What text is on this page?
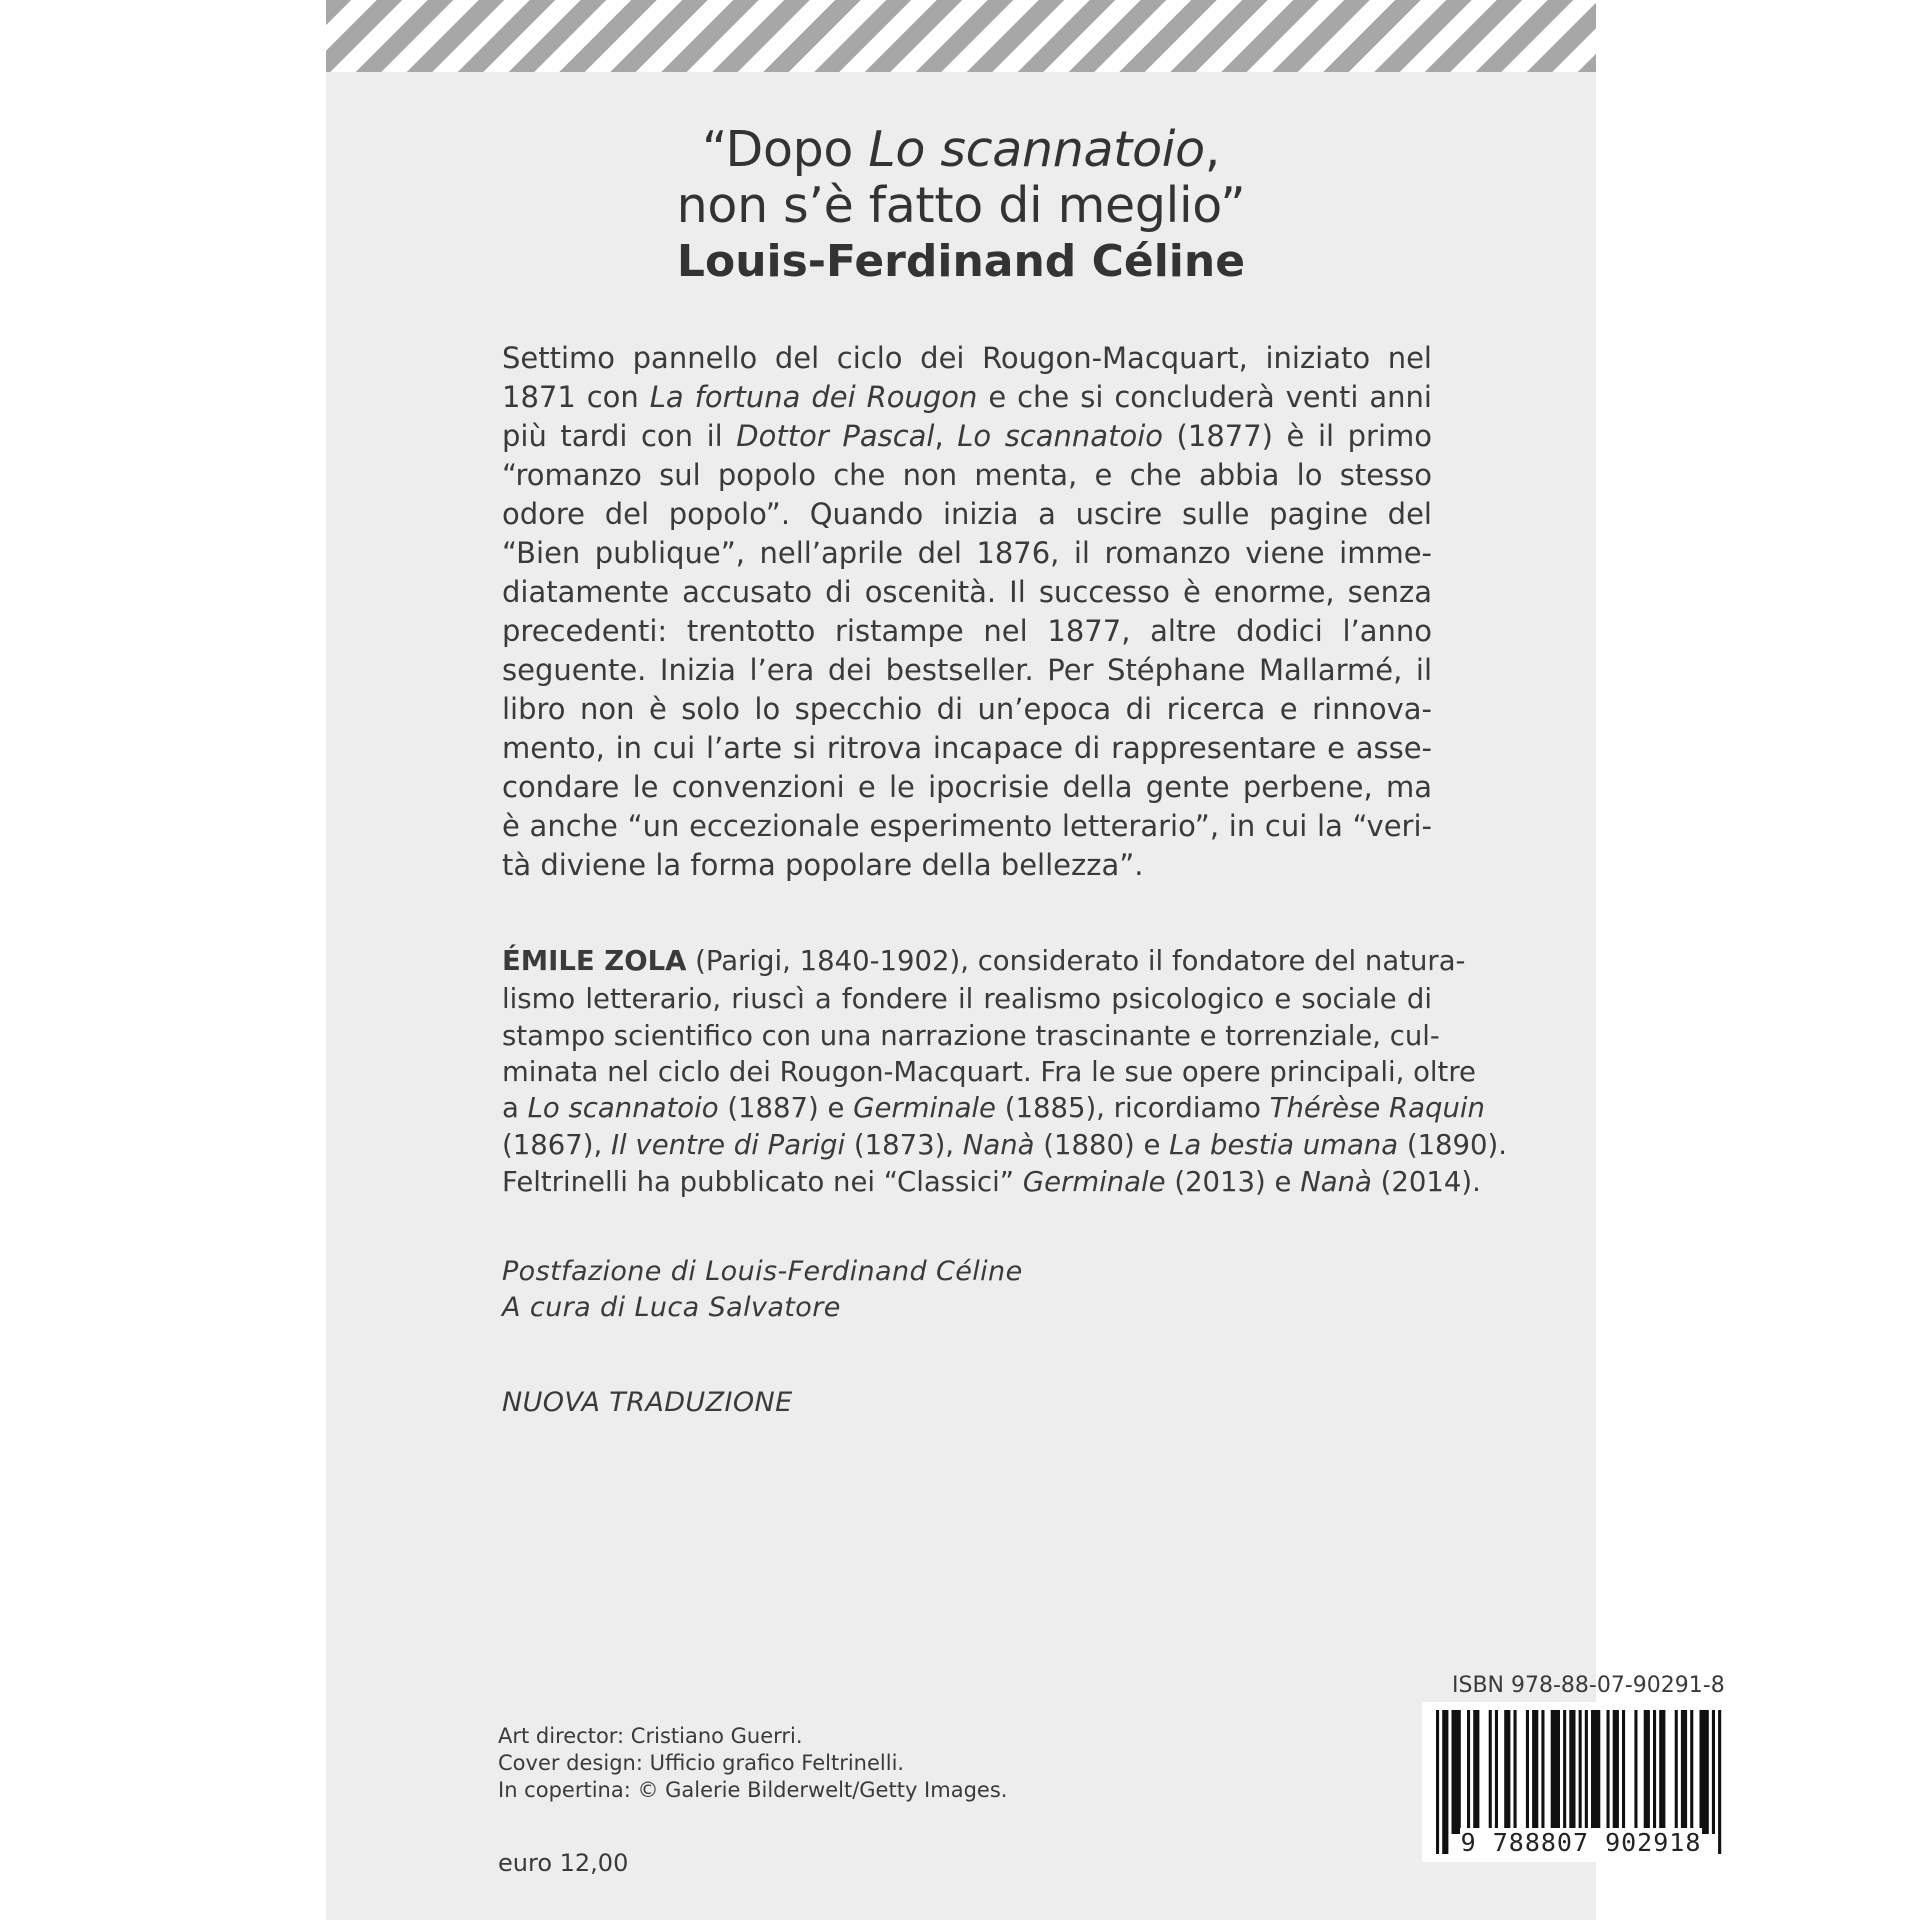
“Dopo Lo scannatoio,
non s’è fatto di meglio”
Louis-Ferdinand Céline
Settimo pannello del ciclo dei Rougon-Macquart, iniziato nel
1871 con La fortuna dei Rougon e che si concluderà venti anni
più tardi con il Dottor Pascal, Lo scannatoio (1877) è il primo
“romanzo sul popolo che non menta, e che abbia lo stesso
odore del popolo”. Quando inizia a uscire sulle pagine del
“Bien publique”, nell’aprile del 1876, il romanzo viene imme-
diatamente accusato di oscenità. Il successo è enorme, senza
precedenti: trentotto ristampe nel 1877, altre dodici l’anno
seguente. Inizia l’era dei bestseller. Per Stéphane Mallarmé, il
libro non è solo lo specchio di un’epoca di ricerca e rinnova-
mento, in cui l’arte si ritrova incapace di rappresentare e asse-
condare le convenzioni e le ipocrisie della gente perbene, ma
è anche “un eccezionale esperimento letterario”, in cui la “veri-
tà diviene la forma popolare della bellezza”.
ÉMILE ZOLA (Parigi, 1840-1902), considerato il fondatore del natura-
lismo letterario, riuscì a fondere il realismo psicologico e sociale di
stampo scientifico con una narrazione trascinante e torrenziale, cul-
minata nel ciclo dei Rougon-Macquart. Fra le sue opere principali, oltre
a Lo scannatoio (1887) e Germinale (1885), ricordiamo Thérèse Raquin
(1867), Il ventre di Parigi (1873), Nanà (1880) e La bestia umana (1890).
Feltrinelli ha pubblicato nei “Classici” Germinale (2013) e Nanà (2014).
Postfazione di Louis-Ferdinand Céline
A cura di Luca Salvatore
NUOVA TRADUZIONE
Art director: Cristiano Guerri.
Cover design: Ufficio grafico Feltrinelli.
In copertina: © Galerie Bilderwelt/Getty Images.
euro 12,00
ISBN 978-88-07-90291-8
9 788807 902918
